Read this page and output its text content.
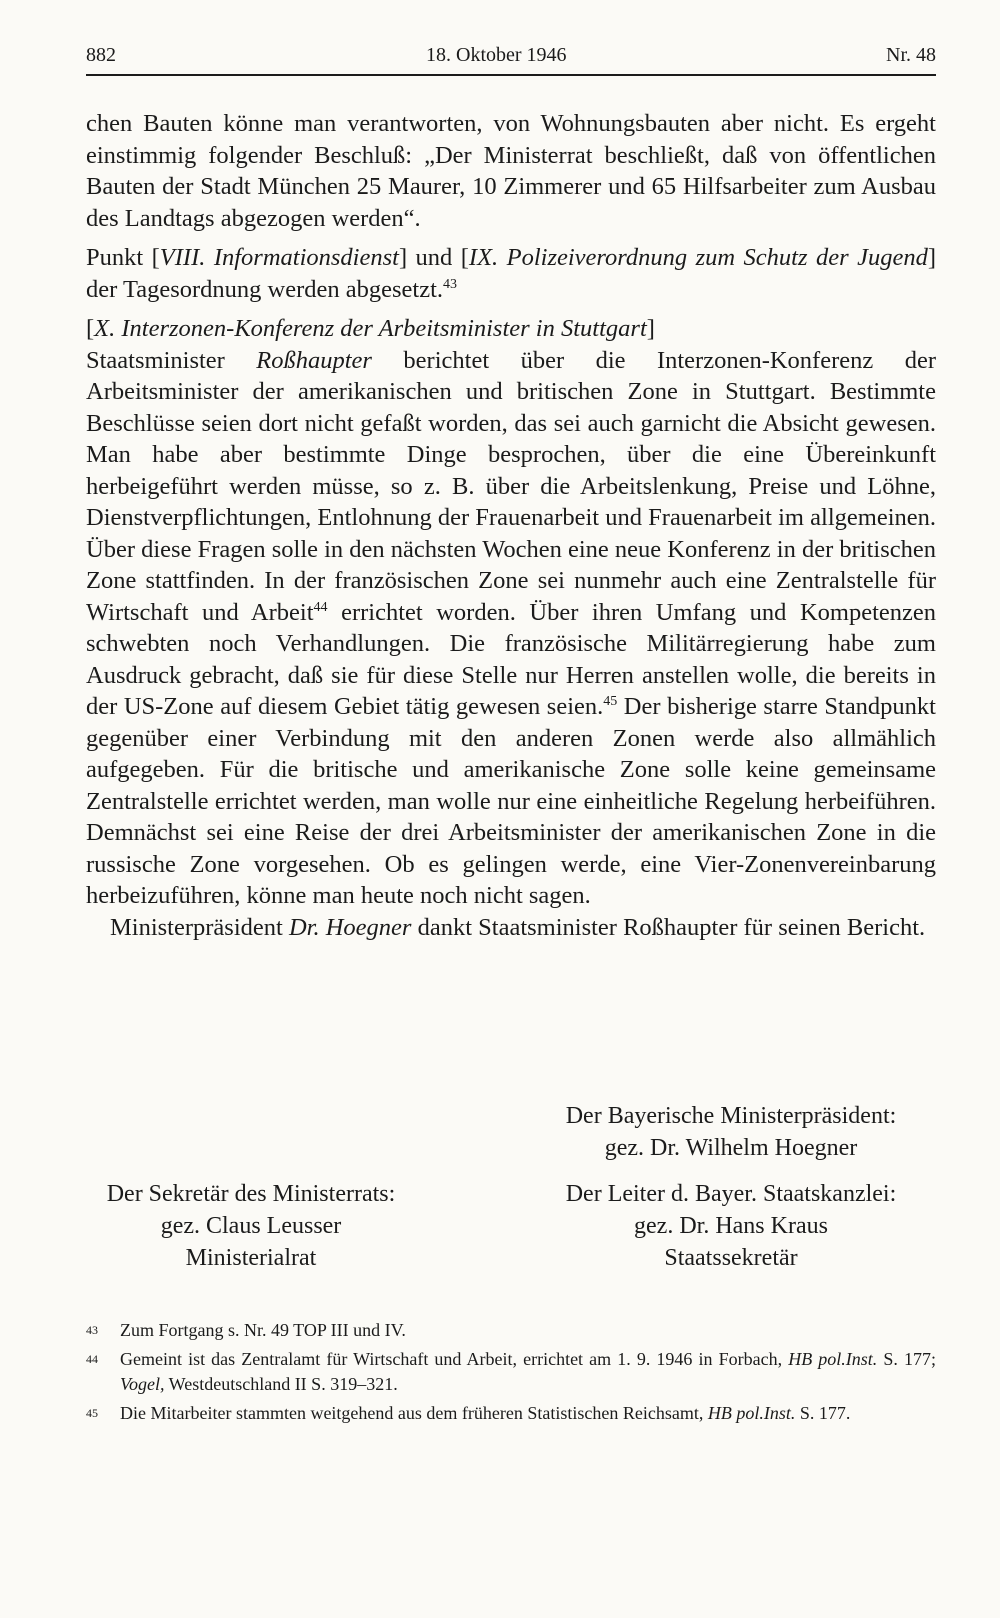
882	18. Oktober 1946	Nr. 48

chen Bauten könne man verantworten, von Wohnungsbauten aber nicht. Es ergeht einstimmig folgender Beschluß: „Der Ministerrat beschließt, daß von öffentlichen Bauten der Stadt München 25 Maurer, 10 Zimmerer und 65 Hilfsarbeiter zum Ausbau des Landtags abgezogen werden“.

Punkt [VIII. Informationsdienst] und [IX. Polizeiverordnung zum Schutz der Jugend] der Tagesordnung werden abgesetzt.$^{43}$

[X. Interzonen-Konferenz der Arbeitsminister in Stuttgart]

Staatsminister Roßhaupter berichtet über die Interzonen-Konferenz der Arbeitsminister der amerikanischen und britischen Zone in Stuttgart. Bestimmte Beschlüsse seien dort nicht gefaßt worden, das sei auch garnicht die Absicht gewesen. Man habe aber bestimmte Dinge besprochen, über die eine Übereinkunft herbeigeführt werden müsse, so z. B. über die Arbeitslenkung, Preise und Löhne, Dienstverpflichtungen, Entlohnung der Frauenarbeit und Frauenarbeit im allgemeinen. Über diese Fragen solle in den nächsten Wochen eine neue Konferenz in der britischen Zone stattfinden. In der französischen Zone sei nunmehr auch eine Zentralstelle für Wirtschaft und Arbeit$^{44}$ errichtet worden. Über ihren Umfang und Kompetenzen schwebten noch Verhandlungen. Die französische Militärregierung habe zum Ausdruck gebracht, daß sie für diese Stelle nur Herren anstellen wolle, die bereits in der US-Zone auf diesem Gebiet tätig gewesen seien.$^{45}$ Der bisherige starre Standpunkt gegenüber einer Verbindung mit den anderen Zonen werde also allmählich aufgegeben. Für die britische und amerikanische Zone solle keine gemeinsame Zentralstelle errichtet werden, man wolle nur eine einheitliche Regelung herbeiführen. Demnächst sei eine Reise der drei Arbeitsminister der amerikanischen Zone in die russische Zone vorgesehen. Ob es gelingen werde, eine Vier-Zonenvereinbarung herbeizuführen, könne man heute noch nicht sagen.

Ministerpräsident Dr. Hoegner dankt Staatsminister Roßhaupter für seinen Bericht.

Der Bayerische Ministerpräsident:
gez. Dr. Wilhelm Hoegner
Der Leiter d. Bayer. Staatskanzlei:
gez. Dr. Hans Kraus
Staatssekretär
Der Sekretär des Ministerrats:
gez. Claus Leusser
Ministerialrat
43	Zum Fortgang s. Nr. 49 TOP III und IV.
44	Gemeint ist das Zentralamt für Wirtschaft und Arbeit, errichtet am 1. 9. 1946 in Forbach, HB pol.Inst. S. 177; Vogel, Westdeutschland II S. 319–321.
45	Die Mitarbeiter stammten weitgehend aus dem früheren Statistischen Reichsamt, HB pol.Inst. S. 177.
